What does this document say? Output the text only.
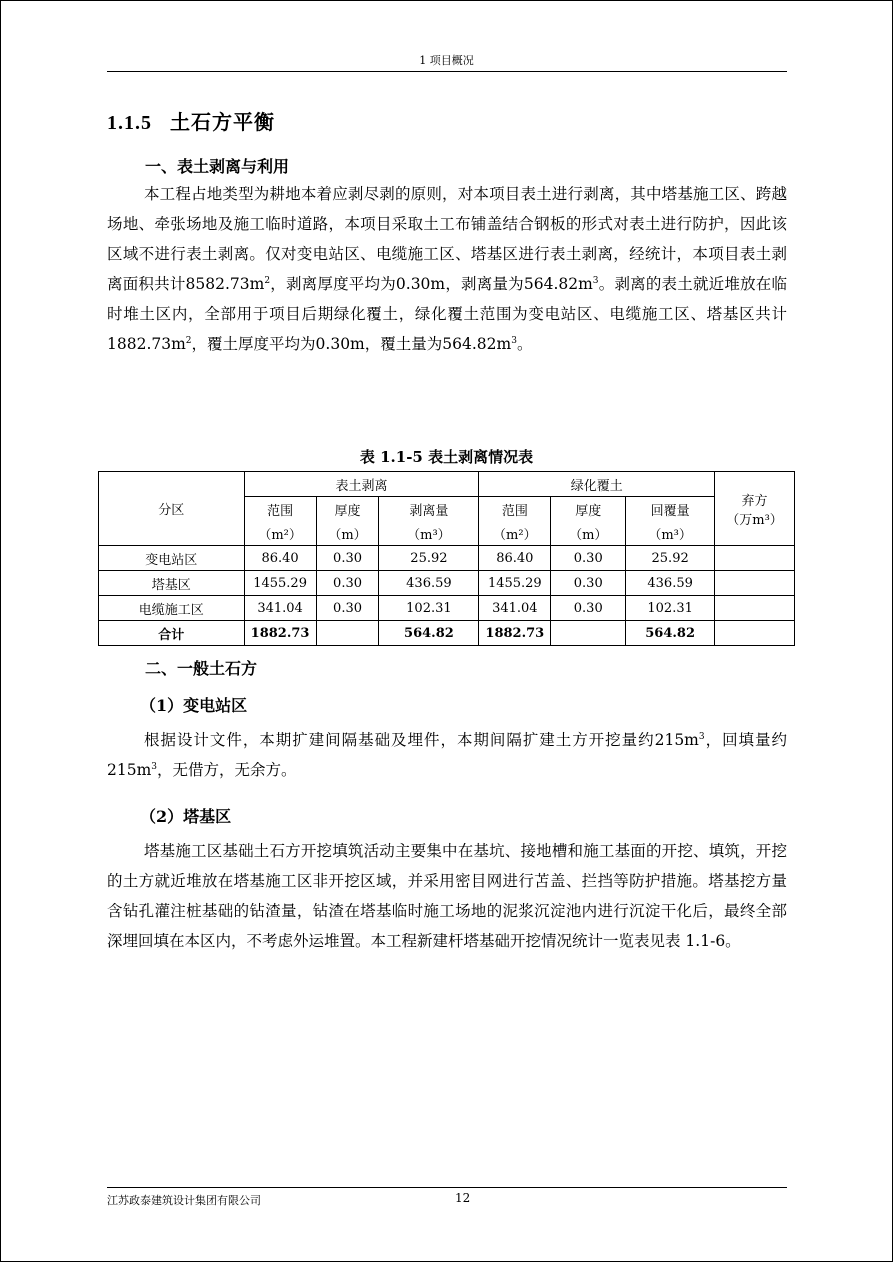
1 项目概况
1.1.5 土石方平衡
一、表土剥离与利用

本工程占地类型为耕地本着应剥尽剥的原则，对本项目表土进行剥离，其中塔基施工区、跨越场地、牵张场地及施工临时道路，本项目采取土工布铺盖结合钢板的形式对表土进行防护，因此该区域不进行表土剥离。仅对变电站区、电缆施工区、塔基区进行表土剥离，经统计，本项目表土剥离面积共计$8582.73m^2$，剥离厚度平均为0.30m，剥离量为$564.82m^3$。剥离的表土就近堆放在临时堆土区内，全部用于项目后期绿化覆土，绿化覆土范围为变电站区、电缆施工区、塔基区共计$1882.73m^2$，覆土厚度平均为0.30m，覆土量为$564.82m^3$。

表 1.1-5 表土剥离情况表
分区	表土剥离			绿化覆土			弃方
（万m³）

	范围	厚度	剥离量	范围	厚度	回覆量	
	（m²）	（m）	（m³）	（m²）	（m）	（m³）	
变电站区	86.40	0.30	25.92	86.40	0.30	25.92	
塔基区	1455.29	0.30	436.59	1455.29	0.30	436.59	
电缆施工区	341.04	0.30	102.31	341.04	0.30	102.31	
合计	1882.73		564.82	1882.73		564.82	
二、一般土石方
（1）变电站区

根据设计文件，本期扩建间隔基础及埋件，本期间隔扩建土方开挖量约$215m^3$，回填量约$215m^3$，无借方，无余方。

（2）塔基区

塔基施工区基础土石方开挖填筑活动主要集中在基坑、接地槽和施工基面的开挖、填筑，开挖的土方就近堆放在塔基施工区非开挖区域，并采用密目网进行苫盖、拦挡等防护措施。塔基挖方量含钻孔灌注桩基础的钻渣量，钻渣在塔基临时施工场地的泥浆沉淀池内进行沉淀干化后，最终全部深埋回填在本区内，不考虑外运堆置。本工程新建杆塔基础开挖情况统计一览表见表 1.1-6。

江苏政泰建筑设计集团有限公司	12
